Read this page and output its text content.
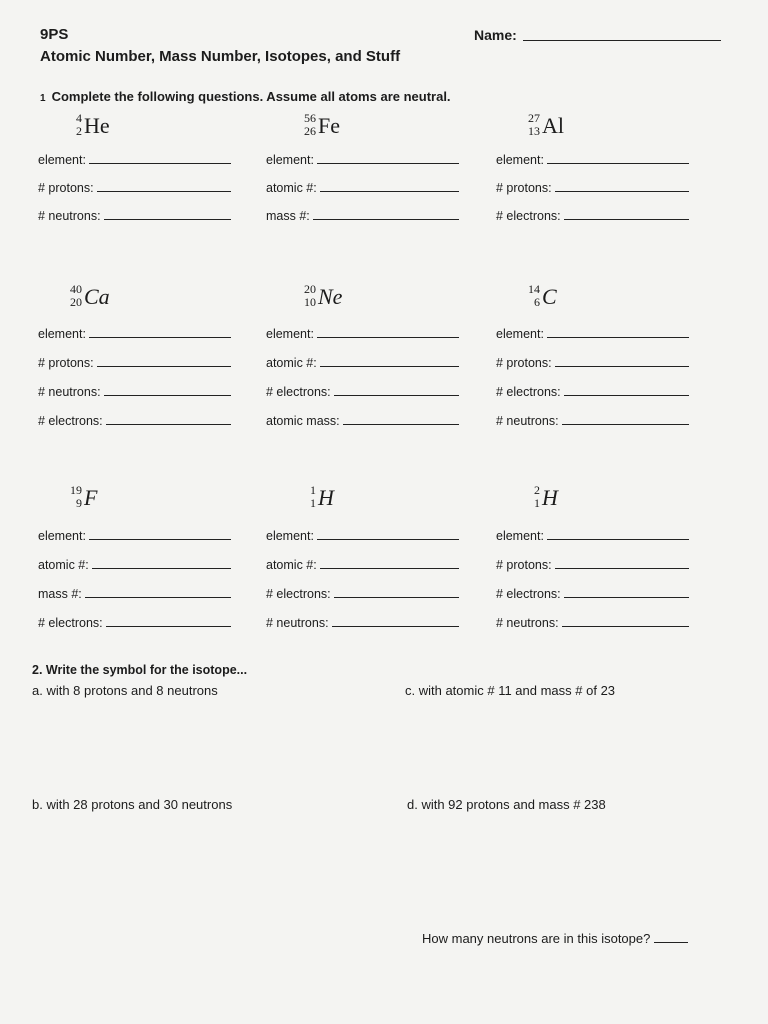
9PS
Atomic Number, Mass Number, Isotopes, and Stuff
Name:
1 Complete the following questions. Assume all atoms are neutral.
4
2 He
element:
# protons:
# neutrons:
56
26 Fe
element:
atomic #:
mass #:
27
13 Al
element:
# protons:
# electrons:
40
20 Ca
element:
# protons:
# neutrons:
# electrons:
20
10 Ne
element:
atomic #:
# electrons:
atomic mass:
14
6 C
element:
# protons:
# electrons:
# neutrons:
19
9 F
element:
atomic #:
mass #:
# electrons:
1
1 H
element:
atomic #:
# electrons:
# neutrons:
2
1 H
element:
# protons:
# electrons:
# neutrons:
2. Write the symbol for the isotope...
a. with 8 protons and 8 neutrons	c. with atomic # 11 and mass # of 23
b. with 28 protons and 30 neutrons	d. with 92 protons and mass # 238
How many neutrons are in this isotope?
